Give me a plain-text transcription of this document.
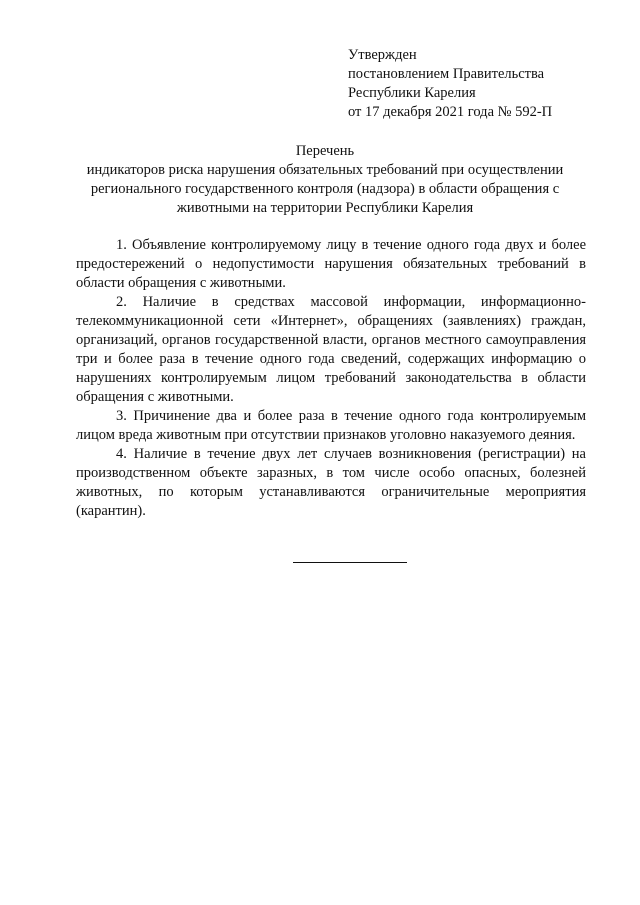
Утвержден
постановлением Правительства
Республики Карелия
от 17 декабря 2021 года № 592-П
Перечень
индикаторов риска нарушения обязательных требований при осуществлении регионального государственного контроля (надзора) в области обращения с животными на территории Республики Карелия

1. Объявление контролируемому лицу в течение одного года двух и более предостережений о недопустимости нарушения обязательных требований в области обращения с животными.

2. Наличие в средствах массовой информации, информационно-телекоммуникационной сети «Интернет», обращениях (заявлениях) граждан, организаций, органов государственной власти, органов местного самоуправления три и более раза в течение одного года сведений, содержащих информацию о нарушениях контролируемым лицом требований законодательства в области обращения с животными.

3. Причинение два и более раза в течение одного года контролируемым лицом вреда животным при отсутствии признаков уголовно наказуемого деяния.

4. Наличие в течение двух лет случаев возникновения (регистрации) на производственном объекте заразных, в том числе особо опасных, болезней животных, по которым устанавливаются ограничительные мероприятия (карантин).
